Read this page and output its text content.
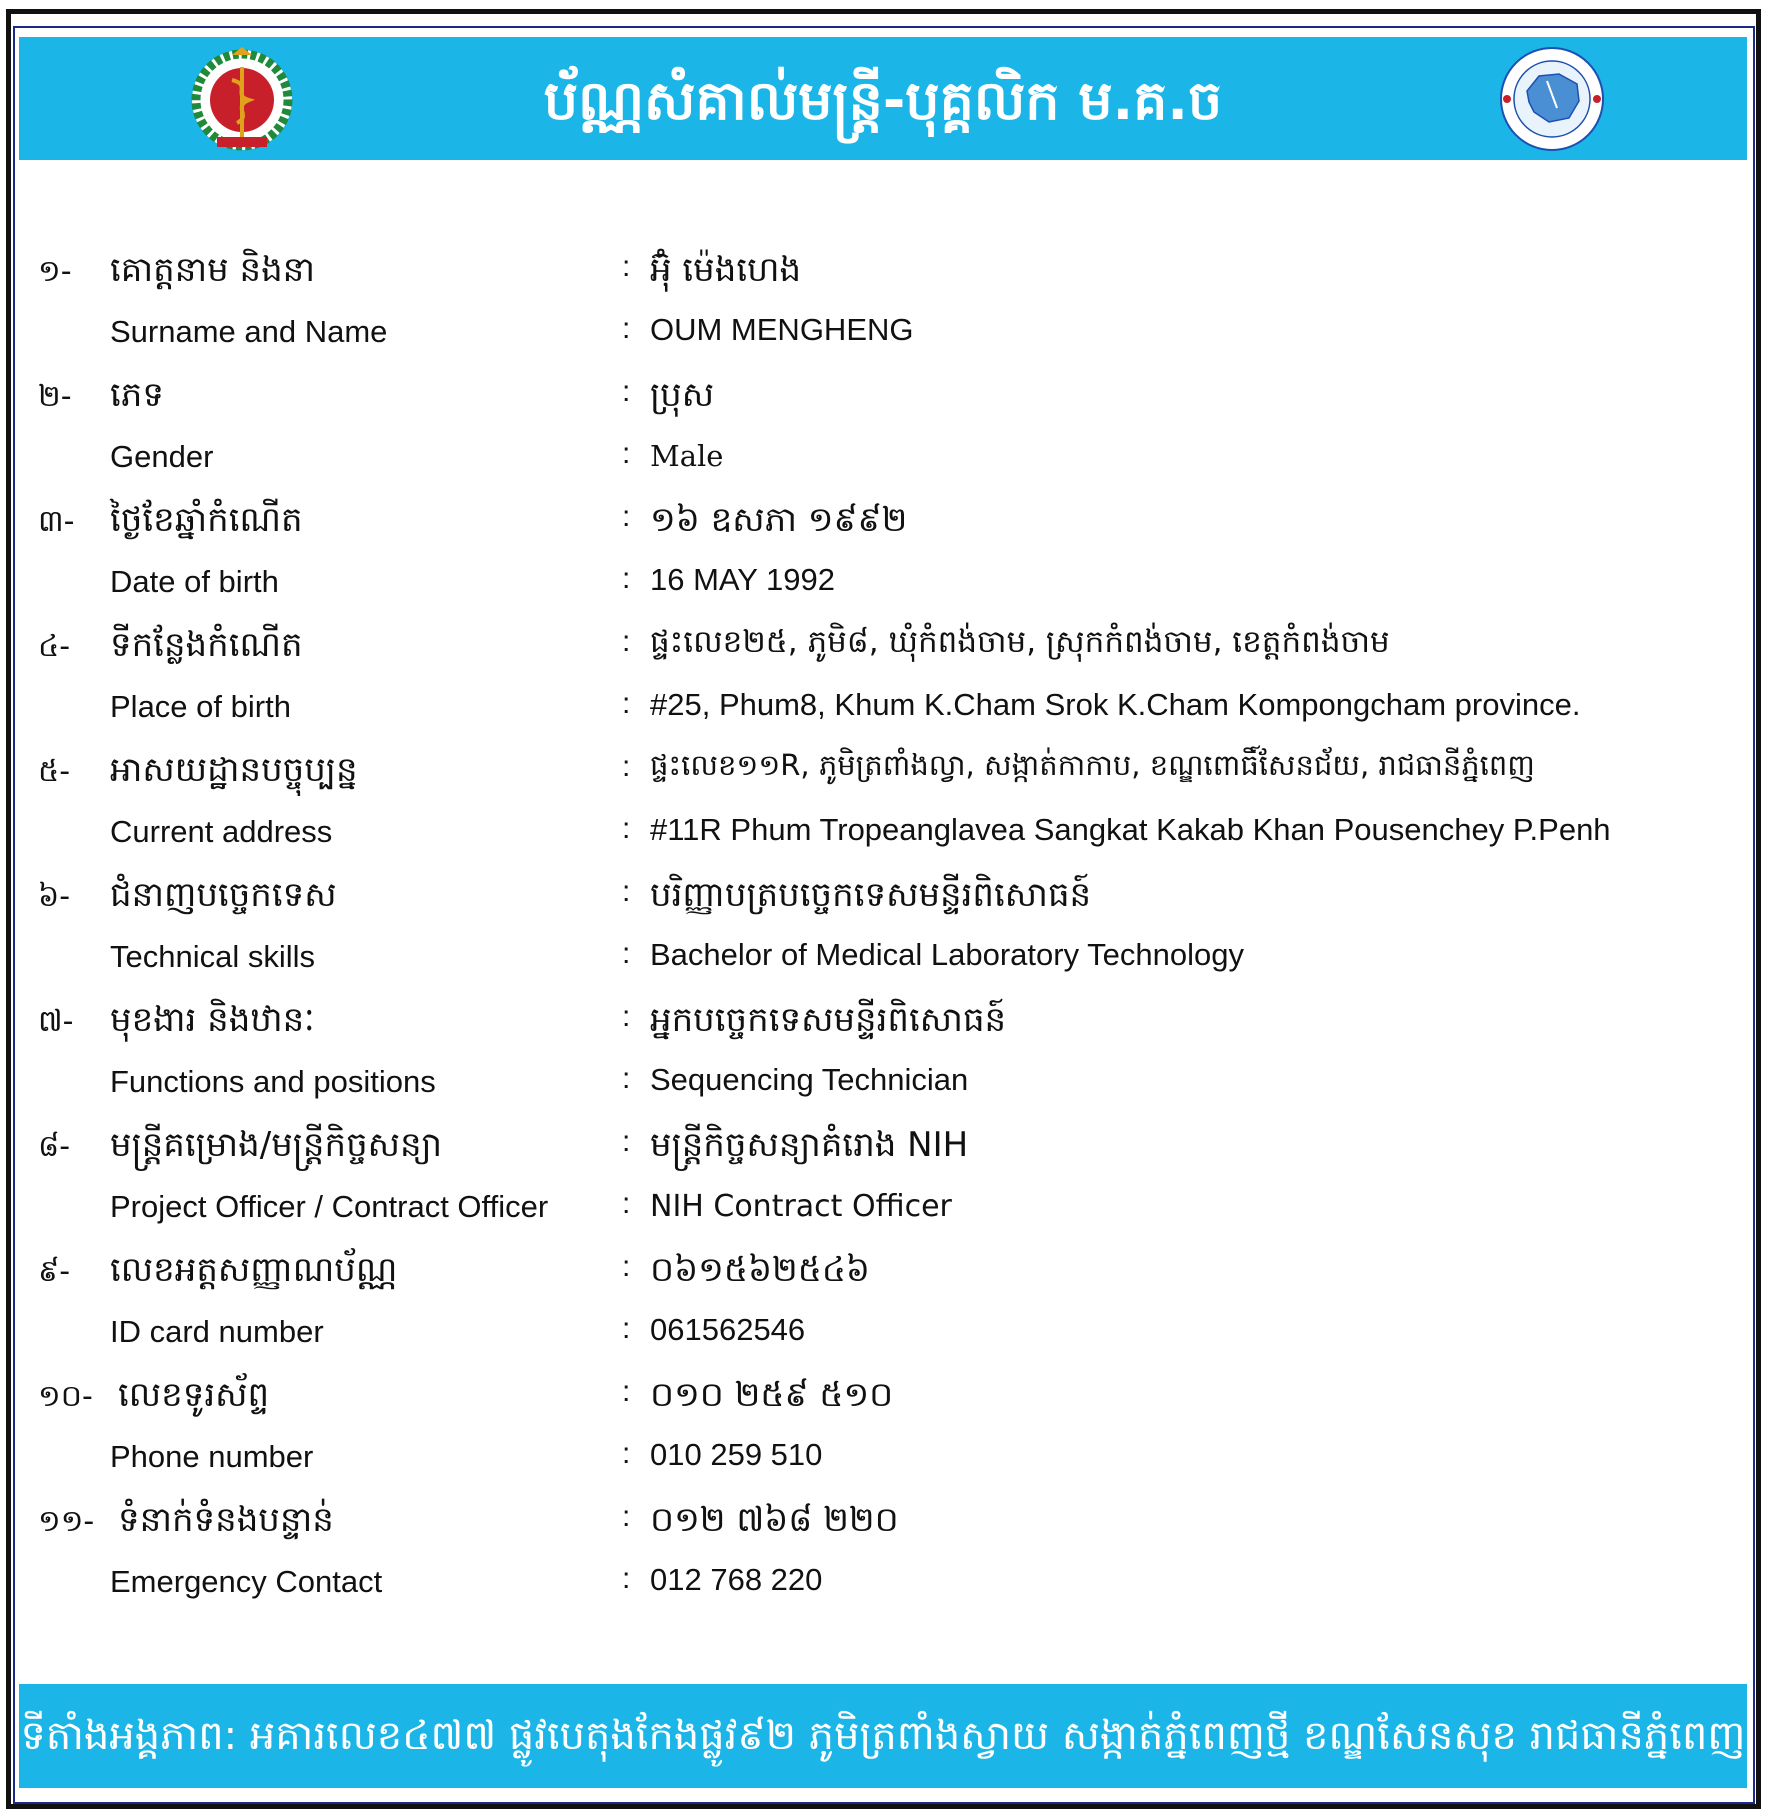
ប័ណ្ណសំគាល់មន្ត្រី-បុគ្គលិក ម.គ.ច
១- គោត្តនាម និងនា	: អ៊ុំ ម៉េងហេង
Surname and Name	: OUM MENGHENG
២- ភេទ	: ប្រុស
Gender	: Male
៣- ថ្ងៃខែឆ្នាំកំណើត	: ១៦ ឧសភា ១៩៩២
Date of birth	: 16 MAY 1992
៤- ទីកន្លែងកំណើត	: ផ្ទះលេខ២៥, ភូមិ៨, ឃុំកំពង់ចាម, ស្រុកកំពង់ចាម, ខេត្តកំពង់ចាម
Place of birth	: #25, Phum8, Khum K.Cham Srok K.Cham Kompongcham province.
៥- អាសយដ្ឋានបច្ចុប្បន្ន	: ផ្ទះលេខ១១R, ភូមិត្រពាំងល្វា, សង្កាត់កាកាប, ខណ្ឌពោធិ៍សែនជ័យ, រាជធានីភ្នំពេញ
Current address	: #11R Phum Tropeanglavea Sangkat Kakab Khan Pousenchey P.Penh
៦- ជំនាញបច្ចេកទេស	: បរិញ្ញាបត្របច្ចេកទេសមន្ទីរពិសោធន៍
Technical skills	: Bachelor of Medical Laboratory Technology
៧- មុខងារ និងឋានៈ	: អ្នកបច្ចេកទេសមន្ទីរពិសោធន៍
Functions and positions	: Sequencing Technician
៨- មន្ត្រីគម្រោង/មន្ត្រីកិច្ចសន្យា	: មន្ត្រីកិច្ចសន្យាគំរោង NIH
Project Officer / Contract Officer : NIH Contract Officer
៩- លេខអត្តសញ្ញាណប័ណ្ណ	: ០៦១៥៦២៥៤៦
ID card number	: 061562546
១០- លេខទូរស័ព្ទ	: ០១០ ២៥៩ ៥១០
Phone number	: 010 259 510
១១- ទំនាក់ទំនងបន្ទាន់	: ០១២ ៧៦៨ ២២០
Emergency Contact	: 012 768 220
ទីតាំងអង្គភាព: អគារលេខ៤៧៧ ផ្លូវបេតុងកែងផ្លូវ៩២ ភូមិត្រពាំងស្វាយ សង្កាត់ភ្នំពេញថ្មី ខណ្ឌសែនសុខ រាជធានីភ្នំពេញ
